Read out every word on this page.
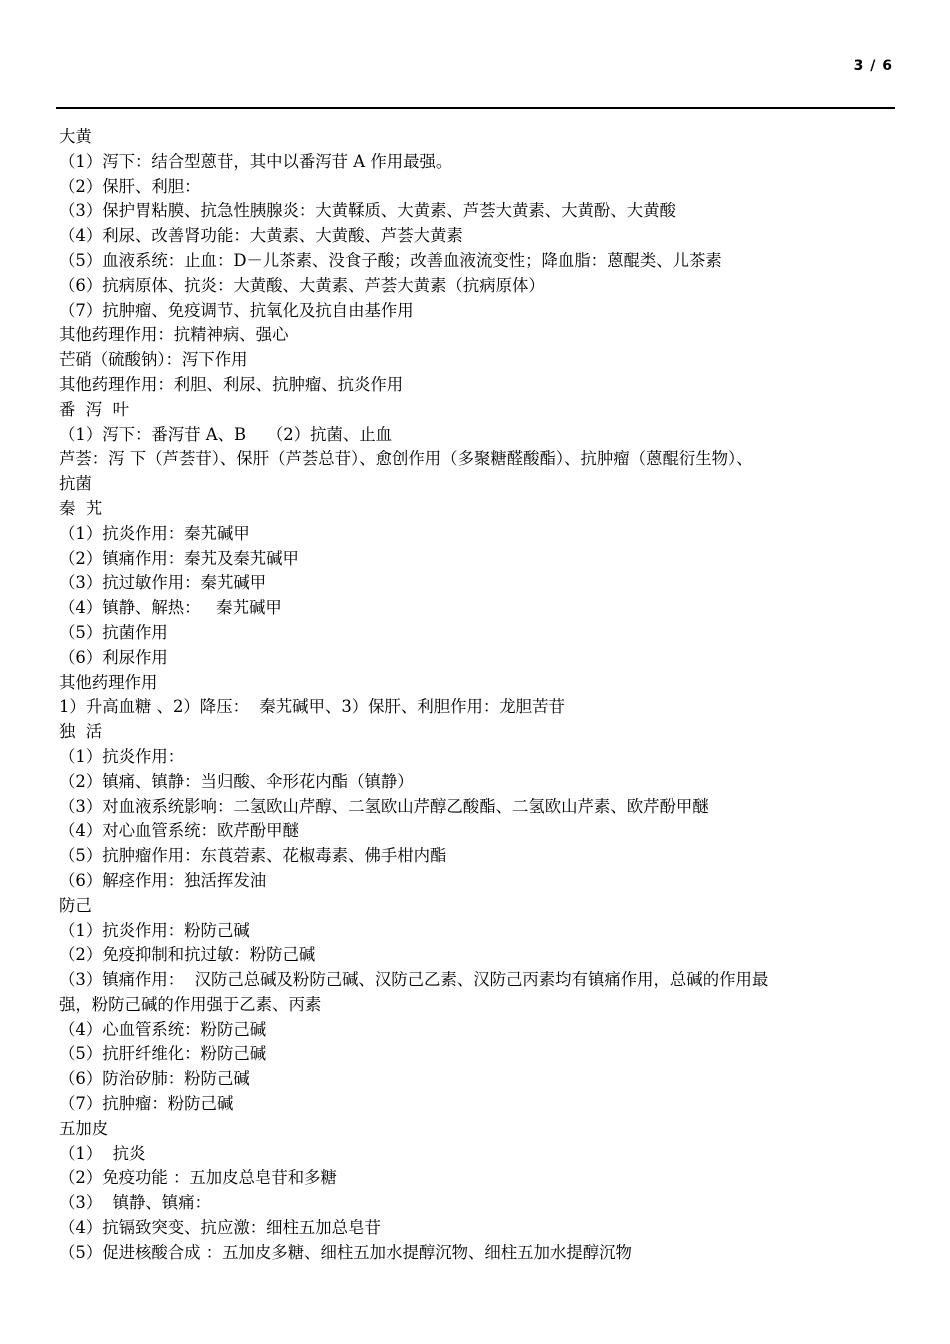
3 / 6
大黄
（1）泻下：结合型蒽苷，其中以番泻苷 A 作用最强。
（2）保肝、利胆：
（3）保护胃粘膜、抗急性胰腺炎：大黄鞣质、大黄素、芦荟大黄素、大黄酚、大黄酸
（4）利尿、改善肾功能：大黄素、大黄酸、芦荟大黄素
（5）血液系统：止血：D－儿茶素、没食子酸；改善血液流变性；降血脂：蒽醌类、儿茶素
（6）抗病原体、抗炎：大黄酸、大黄素、芦荟大黄素（抗病原体）
（7）抗肿瘤、免疫调节、抗氧化及抗自由基作用
其他药理作用：抗精神病、强心
芒硝（硫酸钠）：泻下作用
其他药理作用：利胆、利尿、抗肿瘤、抗炎作用
番  泻  叶
（1）泻下：番泻苷 A、B    （2）抗菌、止血
芦荟：泻 下（芦荟苷）、保肝（芦荟总苷）、愈创作用（多聚糖醛酸酯）、抗肿瘤（蒽醌衍生物）、
抗菌
秦  艽
（1）抗炎作用：秦艽碱甲
（2）镇痛作用：秦艽及秦艽碱甲
（3）抗过敏作用：秦艽碱甲
（4）镇静、解热：   秦艽碱甲
（5）抗菌作用
（6）利尿作用
其他药理作用
1）升高血糖 、2）降压：  秦艽碱甲、3）保肝、利胆作用：龙胆苦苷
独  活
（1）抗炎作用：
（2）镇痛、镇静：当归酸、伞形花内酯（镇静）
（3）对血液系统影响：二氢欧山芹醇、二氢欧山芹醇乙酸酯、二氢欧山芹素、欧芹酚甲醚
（4）对心血管系统：欧芹酚甲醚
（5）抗肿瘤作用：东莨菪素、花椒毒素、佛手柑内酯
（6）解痉作用：独活挥发油
防己
（1）抗炎作用：粉防己碱
（2）免疫抑制和抗过敏：粉防己碱
（3）镇痛作用：  汉防己总碱及粉防己碱、汉防己乙素、汉防己丙素均有镇痛作用，总碱的作用最
强，粉防己碱的作用强于乙素、丙素
（4）心血管系统：粉防己碱
（5）抗肝纤维化：粉防己碱
（6）防治矽肺：粉防己碱
（7）抗肿瘤：粉防己碱
五加皮
（1）  抗炎
（2）免疫功能 ：五加皮总皂苷和多糖
（3）  镇静、镇痛：
（4）抗镉致突变、抗应激：细柱五加总皂苷
（5）促进核酸合成 ：五加皮多糖、细柱五加水提醇沉物、细柱五加水提醇沉物
